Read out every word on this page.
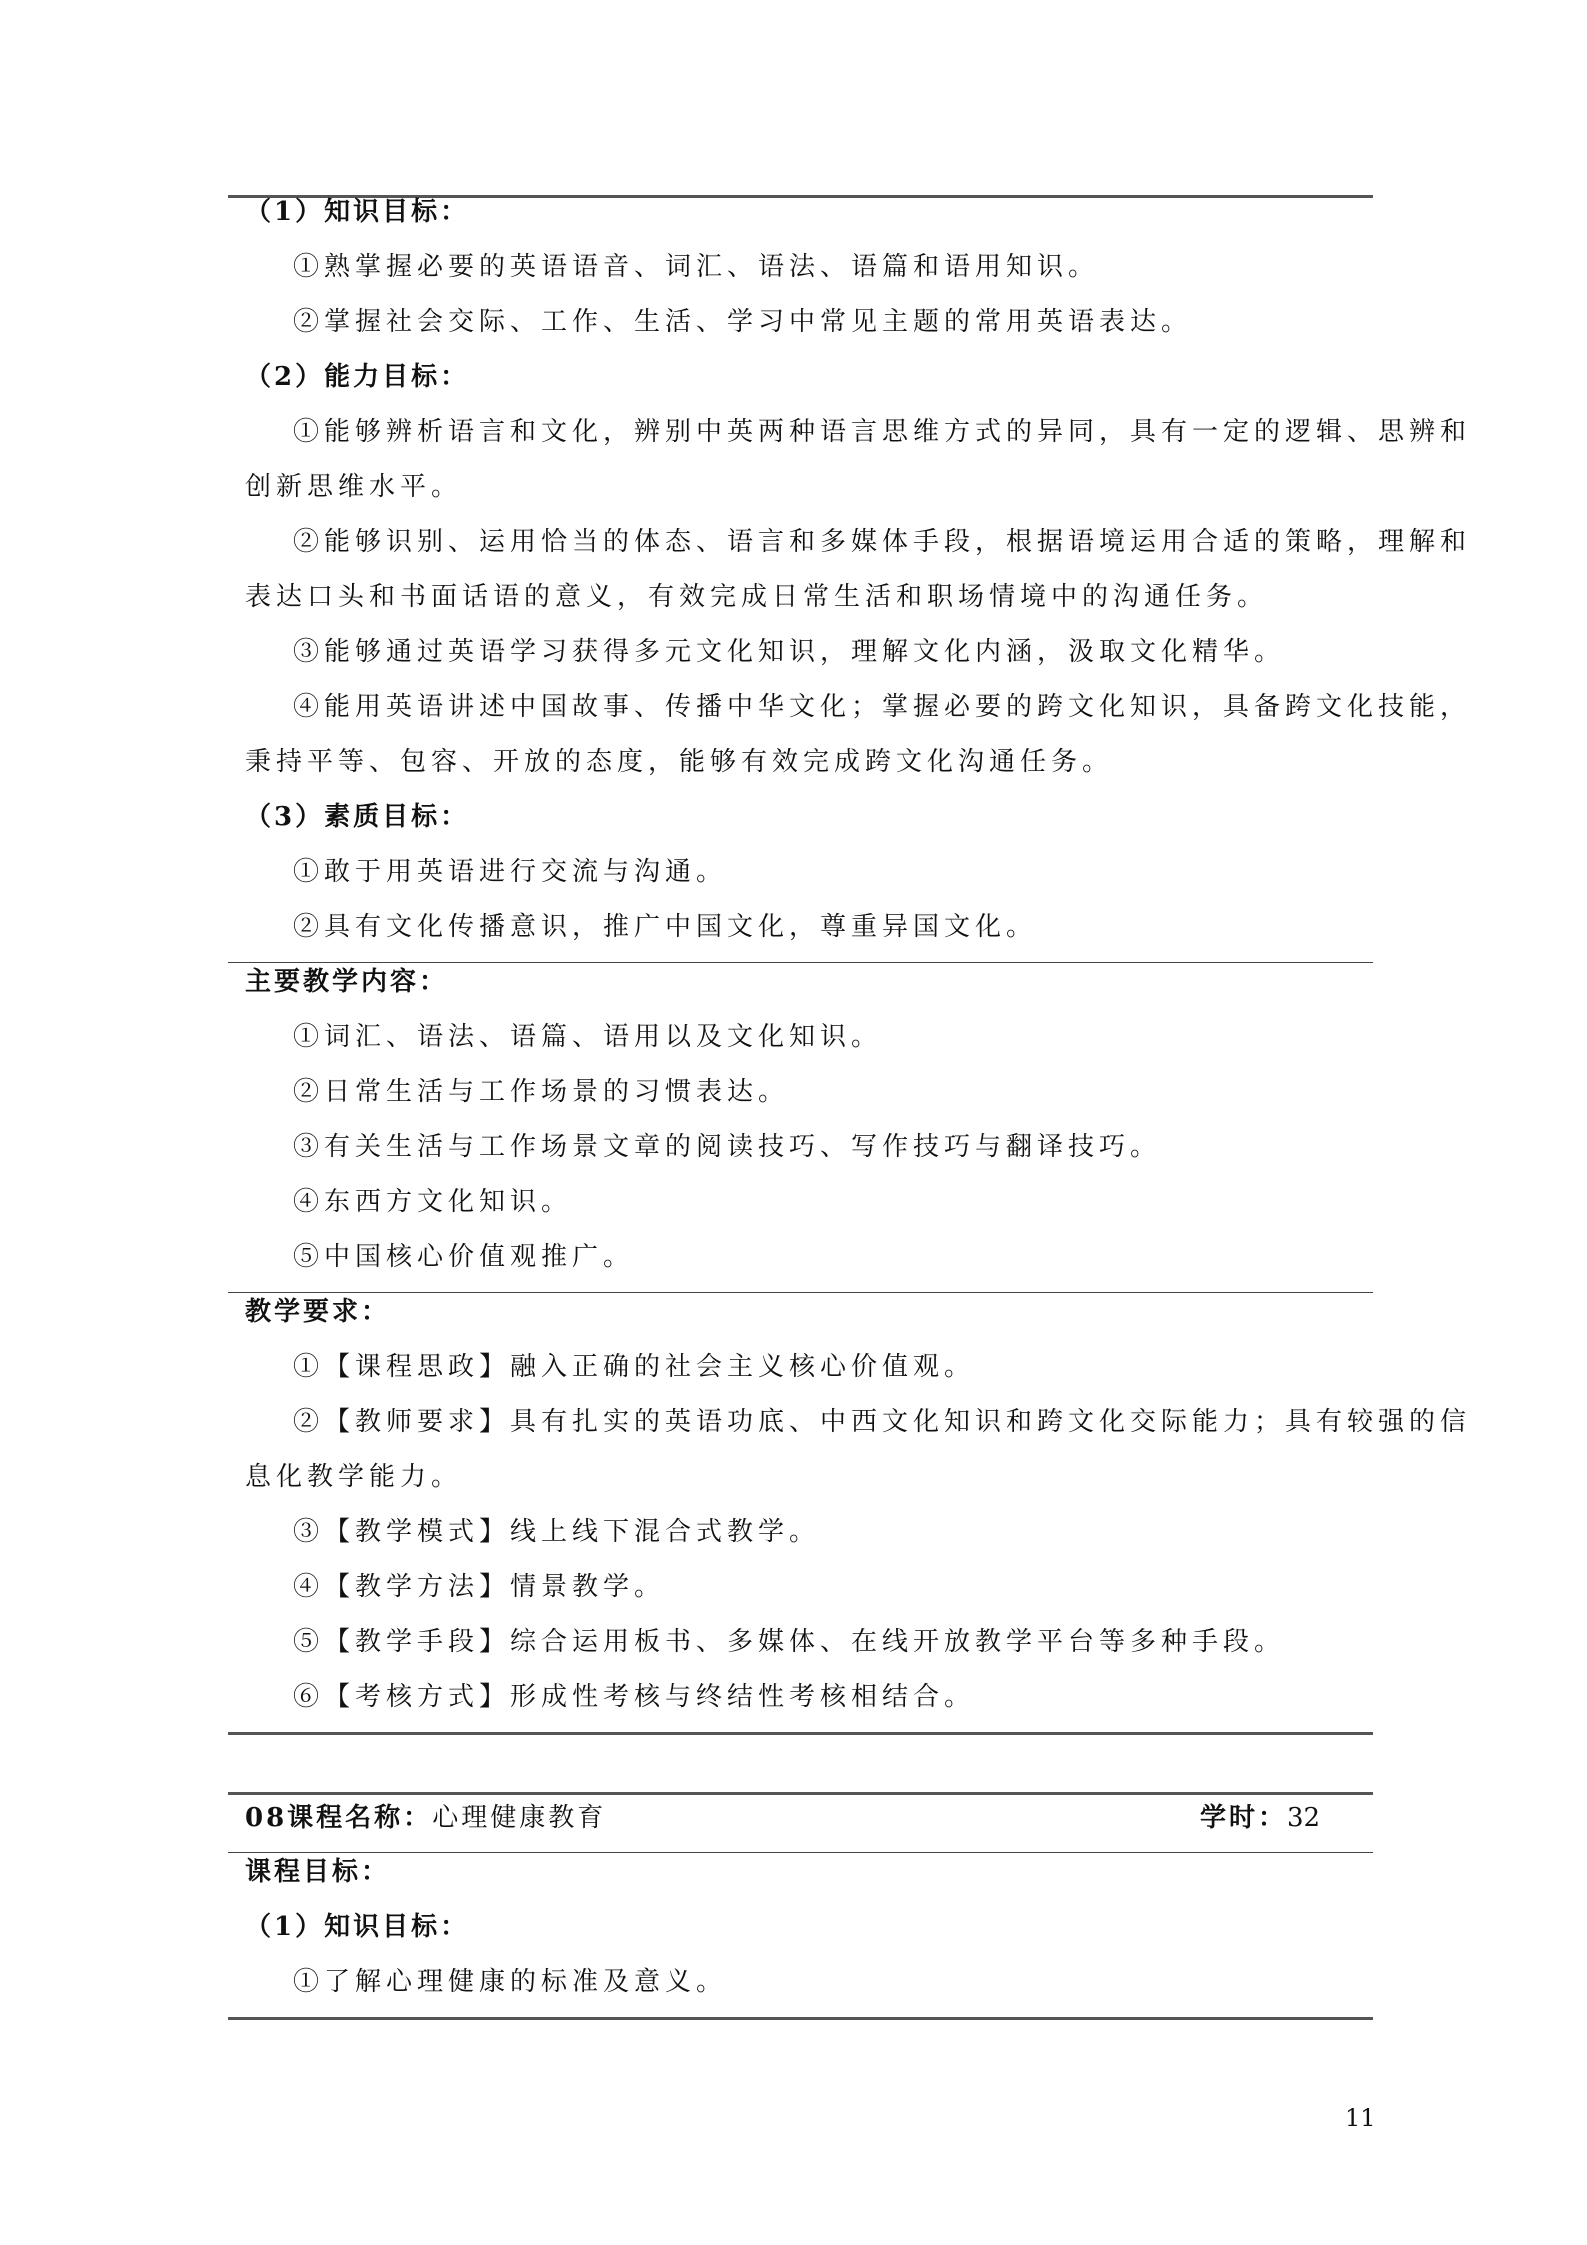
（1）知识目标：
①熟掌握必要的英语语音、词汇、语法、语篇和语用知识。
②掌握社会交际、工作、生活、学习中常见主题的常用英语表达。
（2）能力目标：
①能够辨析语言和文化，辨别中英两种语言思维方式的异同，具有一定的逻辑、思辨和
创新思维水平。
②能够识别、运用恰当的体态、语言和多媒体手段，根据语境运用合适的策略，理解和
表达口头和书面话语的意义，有效完成日常生活和职场情境中的沟通任务。
③能够通过英语学习获得多元文化知识，理解文化内涵，汲取文化精华。
④能用英语讲述中国故事、传播中华文化；掌握必要的跨文化知识，具备跨文化技能，
秉持平等、包容、开放的态度，能够有效完成跨文化沟通任务。
（3）素质目标：
①敢于用英语进行交流与沟通。
②具有文化传播意识，推广中国文化，尊重异国文化。
主要教学内容：
①词汇、语法、语篇、语用以及文化知识。
②日常生活与工作场景的习惯表达。
③有关生活与工作场景文章的阅读技巧、写作技巧与翻译技巧。
④东西方文化知识。
⑤中国核心价值观推广。
教学要求：
①【课程思政】融入正确的社会主义核心价值观。
②【教师要求】具有扎实的英语功底、中西文化知识和跨文化交际能力；具有较强的信
息化教学能力。
③【教学模式】线上线下混合式教学。
④【教学方法】情景教学。
⑤【教学手段】综合运用板书、多媒体、在线开放教学平台等多种手段。
⑥【考核方式】形成性考核与终结性考核相结合。
08课程名称：心理健康教育	学时：32
课程目标：
（1）知识目标：
①了解心理健康的标准及意义。
11
